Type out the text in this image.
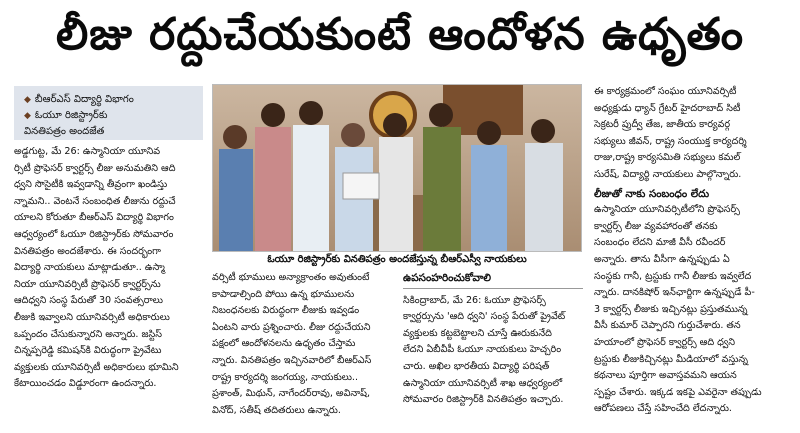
లీజు రద్దుచేయకుంటే ఆందోళన ఉధృతం
◆ బీఆర్ఎస్ విద్యార్థి విభాగం
◆ ఓయూ రిజిస్ట్రార్‌కు
వినతిపత్రం అందజేత

అడ్డగుట్ట, మే 26: ఉస్మానియా యూనివ

ర్సిటీ ప్రొఫెసర్ క్వార్టర్స్ లీజు అనుమతిని ఆది

ధ్వని సొసైటీకి ఇవ్వడాన్ని తీవ్రంగా ఖండిస్తు

న్నామని.. వెంటనే సంబంధిత లీజును రద్దుచే

యాలని కోరుతూ బీఆర్ఎస్ విద్యార్థి విభాగం

ఆధ్వర్యంలో ఓయూ రిజిస్ట్రార్‌కు సోమవారం

వినతిపత్రం అందజేశారు. ఈ సందర్భంగా

విద్యార్థి నాయకులు మాట్లాడుతూ.. ఉస్మా

నియా యూనివర్సిటీ ప్రొఫెసర్ క్వార్టర్స్‌ను

ఆదిధ్వని సంస్థ పేరుతో 30 సంవత్సరాలు

లీజుకి ఇవ్వాలని యూనివర్సిటీ అధికారులు

ఒప్పందం చేసుకున్నారని అన్నారు. జస్టిస్

చిన్నప్పరెడ్డి కమిషన్‌కి విరుద్ధంగా ప్రైవేటు

వ్యక్తులకు యూనివర్సిటీ అధికారులు భూమిని

కేటాయించడం విడ్డూరంగా ఉందన్నారు.

ఓయూ రిజిస్ట్రార్‌కు వినతిపత్రం అందజేస్తున్న బీఆర్ఎస్వీ నాయకులు

వర్సిటీ భూములు అన్యాక్రాంతం అవుతుంటే

కాపాడాల్సింది పోయి ఉన్న భూములను

నిబంధనలకు విరుద్ధంగా లీజుకు ఇవ్వడం

ఏంటని వారు ప్రశ్నించారు. లీజు రద్దుచేయని

పక్షంలో ఆందోళనలను ఉధృతం చేస్తామ

న్నారు. వినతిపత్రం ఇచ్చినవారిలో బీఆర్ఎస్

రాష్ట్ర కార్యదర్శి జంగయ్య, నాయకులు..

ప్రశాంత్, మిథున్, నాగేందర్‌రావు, అవినాష్,

వినోద్, సతీష్ తదితరులు ఉన్నారు.

ఉపసంహరించుకోవాలి

సికింద్రాబాద్, మే 26: ఓయూ ప్రొఫెసర్స్

క్వార్టర్సును 'ఆది ధ్వని' సంస్థ పేరుతో ప్రైవేట్

వ్యక్తులకు కట్టబెట్టాలని చూస్తే ఊరుకునేది

లేదని ఏబీవీపీ ఓయూ నాయకులు హెచ్చరిం

చారు. అఖిల భారతీయ విద్యార్థి పరిషత్

ఉస్మానియా యూనివర్సిటీ శాఖ ఆధ్వర్యంలో

సోమవారం రిజిస్ట్రార్‌కి వినతిపత్రం ఇచ్చారు.

ఈ కార్యక్రమంలో సంఘం యూనివర్సిటీ

అధ్యక్షుడు ధ్యాన్ గ్రేటర్ హైదరాబాద్ సిటీ

సెక్రటరీ ప్రుద్వీ తేజ, జాతీయ కార్యవర్గ

సభ్యులు జీవన్, రాష్ట్ర సంయుక్త కార్యదర్శి

రాజు,రాష్ట్ర కార్యసమితి సభ్యులు కమల్

సురేష్, విద్యార్థి నాయకులు పాల్గొన్నారు.

లీజుతో నాకు సంబంధం లేదు

ఉస్మానియా యూనివర్సిటీలోని ప్రొఫెసర్స్

క్వార్టర్స్ లీజు వ్యవహారంతో తనకు

సంబంధం లేదని మాజీ వీసీ రవీందర్

అన్నారు. తాను వీసీగా ఉన్నప్పుడు ఏ

సంస్థకు గానీ, ట్రస్టుకు గానీ లీజుకు ఇవ్వలేద

న్నారు. దానకిషోర్ ఇన్‌ఛార్జిగా ఉన్నప్పుడే పీ-

3 క్వార్టర్స్ లీజుకు ఇచ్చినట్లు ప్రస్తుతమున్న

వీసీ కుమార్ చెప్పారని గుర్తుచేశారు. తన

హయాంలో ప్రొఫెసర్ క్వార్టర్స్ ఆది ధ్వని

ట్రస్టుకు లీజుకిచ్చినట్లు మీడియాలో వస్తున్న

కథనాలు పూర్తిగా అవాస్తవమని ఆయన

స్పష్టం చేశారు. ఇక్కడ ఇకపై ఎవరైనా తప్పుడు

ఆరోపణలు చేస్తే సహించేది లేదన్నారు.
